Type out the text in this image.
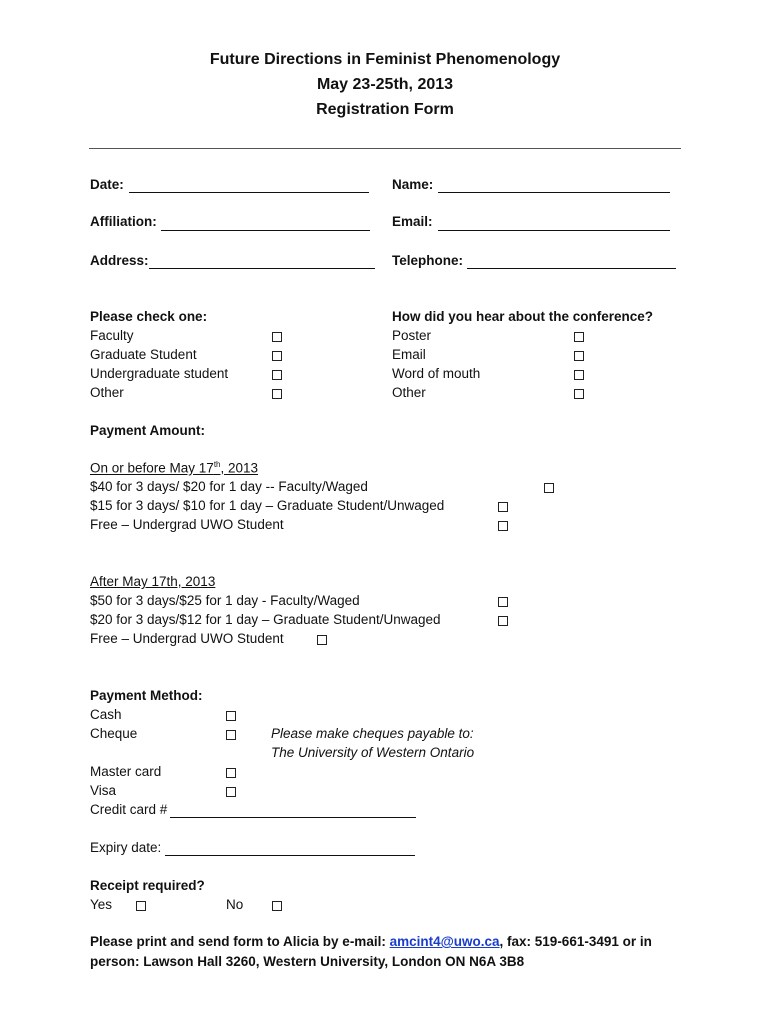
Future Directions in Feminist Phenomenology
May 23-25th, 2013
Registration Form
Date:	Name:
Affiliation:	Email:
Address:	Telephone:
Please check one:
Faculty
Graduate Student
Undergraduate student
Other
How did you hear about the conference?
Poster
Email
Word of mouth
Other
Payment Amount:
On or before May 17th, 2013
$40 for 3 days/ $20 for 1 day -- Faculty/Waged
$15 for 3 days/ $10 for 1 day – Graduate Student/Unwaged
Free – Undergrad UWO Student
After May 17th, 2013
$50 for 3 days/$25 for 1 day - Faculty/Waged
$20 for 3 days/$12 for 1 day – Graduate Student/Unwaged
Free – Undergrad UWO Student
Payment Method:
Cash
Cheque	Please make cheques payable to:
The University of Western Ontario
Master card
Visa
Credit card #
Expiry date:
Receipt required?
Yes	No
Please print and send form to Alicia by e-mail: amcint4@uwo.ca, fax: 519-661-3491 or in
person: Lawson Hall 3260, Western University, London ON N6A 3B8
